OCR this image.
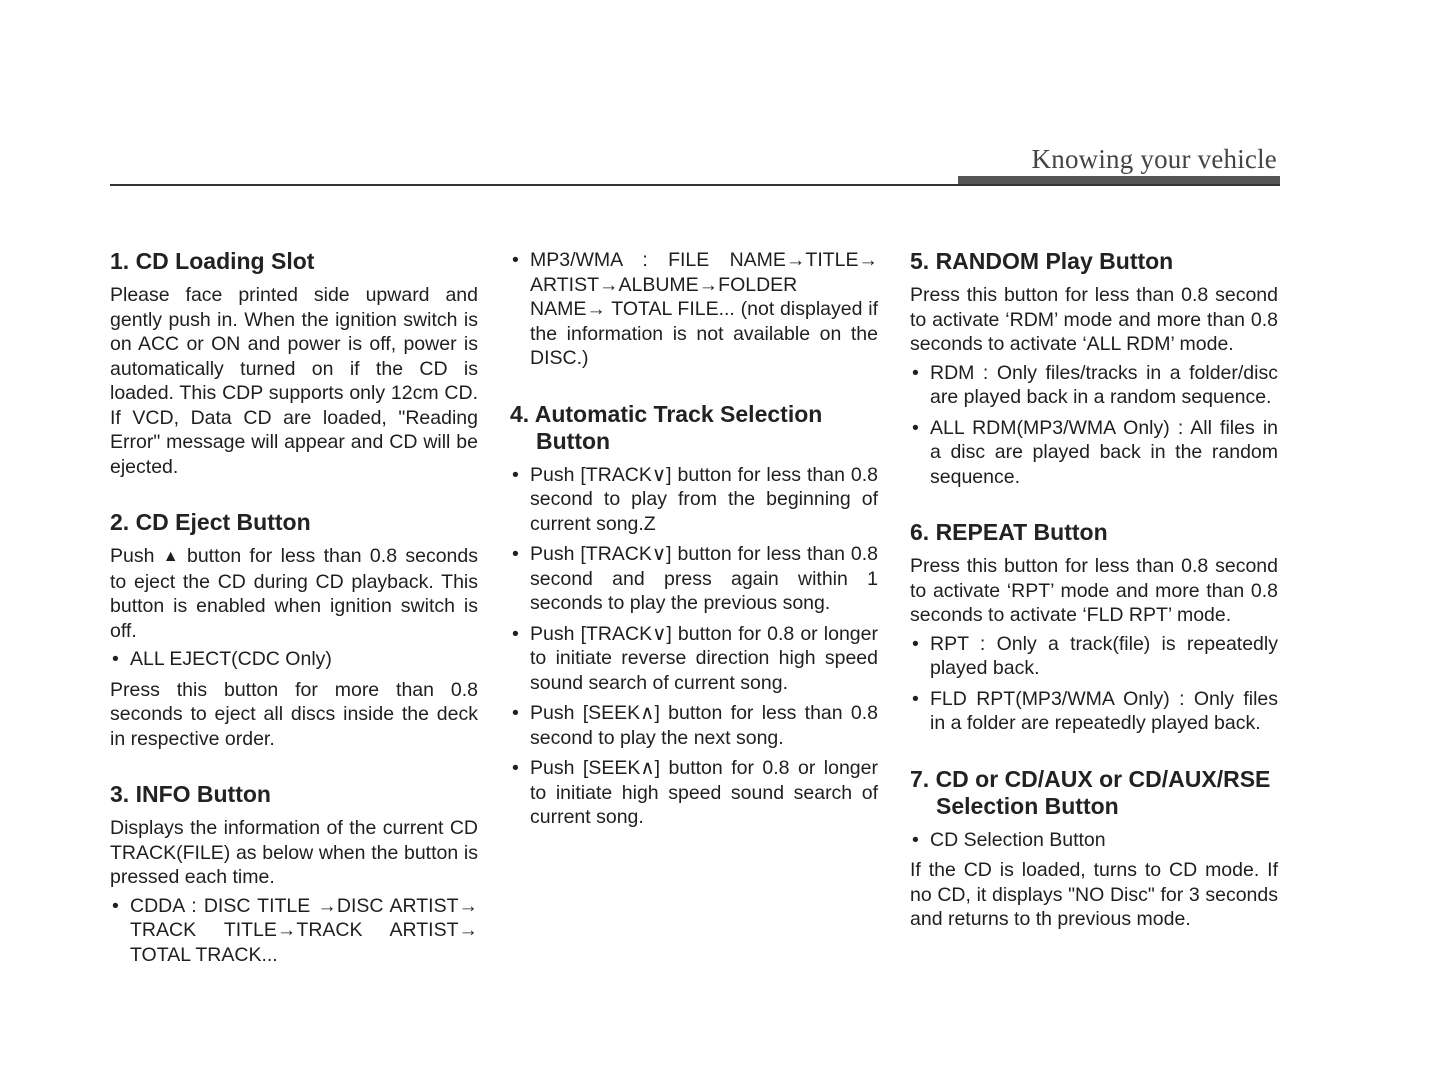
Knowing your vehicle
1. CD Loading Slot

Please face printed side upward and gently push in. When the ignition switch is on ACC or ON and power is off, power is automatically turned on if the CD is loaded. This CDP supports only 12cm CD. If VCD, Data CD are loaded, "Reading Error" message will appear and CD will be ejected.

2. CD Eject Button

Push ▲ button for less than 0.8 seconds to eject the CD during CD playback. This button is enabled when ignition switch is off.

• ALL EJECT(CDC Only)

Press this button for more than 0.8 seconds to eject all discs inside the deck in respective order.

3. INFO Button

Displays the information of the current CD TRACK(FILE) as below when the button is pressed each time.

• CDDA : DISC TITLE →DISC ARTIST→ TRACK TITLE→TRACK ARTIST→ TOTAL TRACK...
• MP3/WMA : FILE NAME→TITLE→ ARTIST→ALBUME→FOLDER NAME→ TOTAL FILE... (not displayed if the information is not available on the DISC.)
4. Automatic Track Selection Button
• Push [TRACK∨] button for less than 0.8 second to play from the beginning of current song.Z
• Push [TRACK∨] button for less than 0.8 second and press again within 1 seconds to play the previous song.
• Push [TRACK∨] button for 0.8 or longer to initiate reverse direction high speed sound search of current song.
• Push [SEEK∧] button for less than 0.8 second to play the next song.
• Push [SEEK∧] button for 0.8 or longer to initiate high speed sound search of current song.
5. RANDOM Play Button

Press this button for less than 0.8 second to activate ‘RDM’ mode and more than 0.8 seconds to activate ‘ALL RDM’ mode.

• RDM : Only files/tracks in a folder/disc are played back in a random sequence.
• ALL RDM(MP3/WMA Only) : All files in a disc are played back in the random sequence.
6. REPEAT Button

Press this button for less than 0.8 second to activate ‘RPT’ mode and more than 0.8 seconds to activate ‘FLD RPT’ mode.

• RPT : Only a track(file) is repeatedly played back.
• FLD RPT(MP3/WMA Only) : Only files in a folder are repeatedly played back.
7. CD or CD/AUX or CD/AUX/RSE Selection Button
• CD Selection Button

If the CD is loaded, turns to CD mode. If no CD, it displays "NO Disc" for 3 seconds and returns to th previous mode.
